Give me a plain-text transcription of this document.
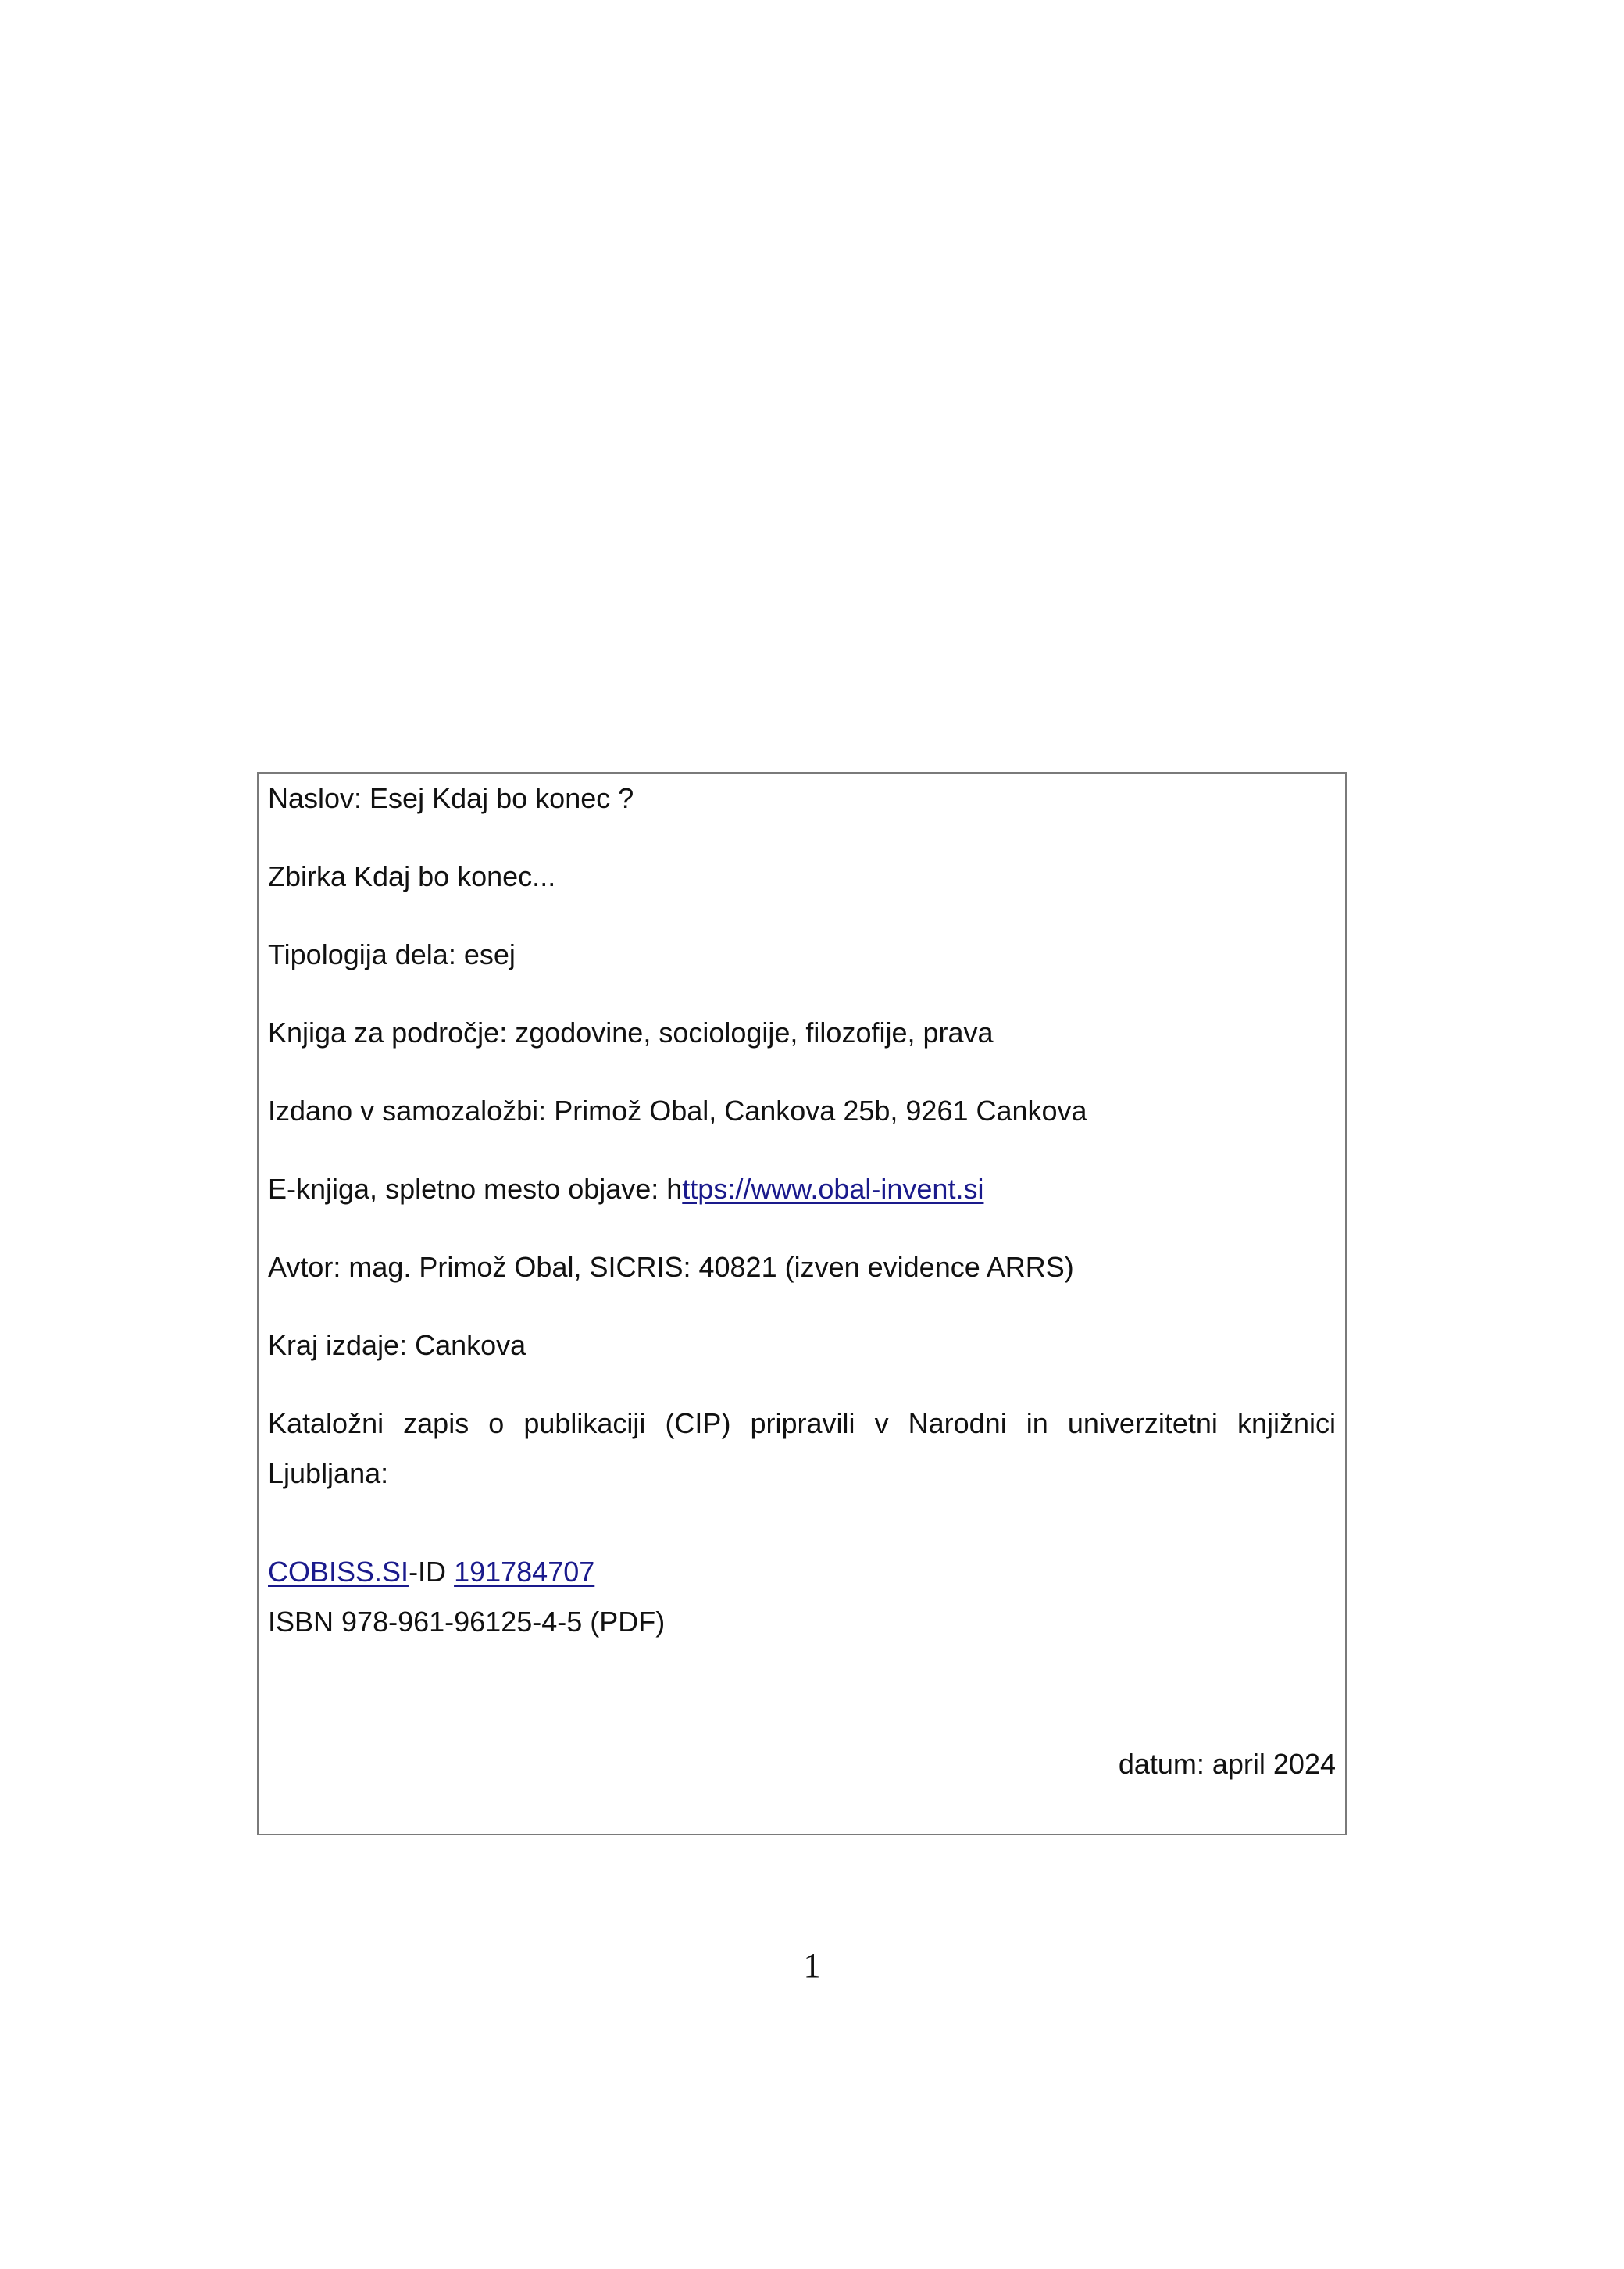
Naslov: Esej Kdaj bo konec ?
Zbirka Kdaj bo konec...
Tipologija dela: esej
Knjiga za področje: zgodovine, sociologije, filozofije, prava
Izdano v samozaložbi: Primož Obal, Cankova 25b, 9261 Cankova
E-knjiga, spletno mesto objave: https://www.obal-invent.si
Avtor: mag. Primož Obal, SICRIS: 40821 (izven evidence ARRS)
Kraj izdaje: Cankova
Kataložni zapis o publikaciji (CIP) pripravili v Narodni in univerzitetni knjižnici
Ljubljana:
COBISS.SI-ID 191784707
ISBN 978-961-96125-4-5 (PDF)
datum: april 2024
1
